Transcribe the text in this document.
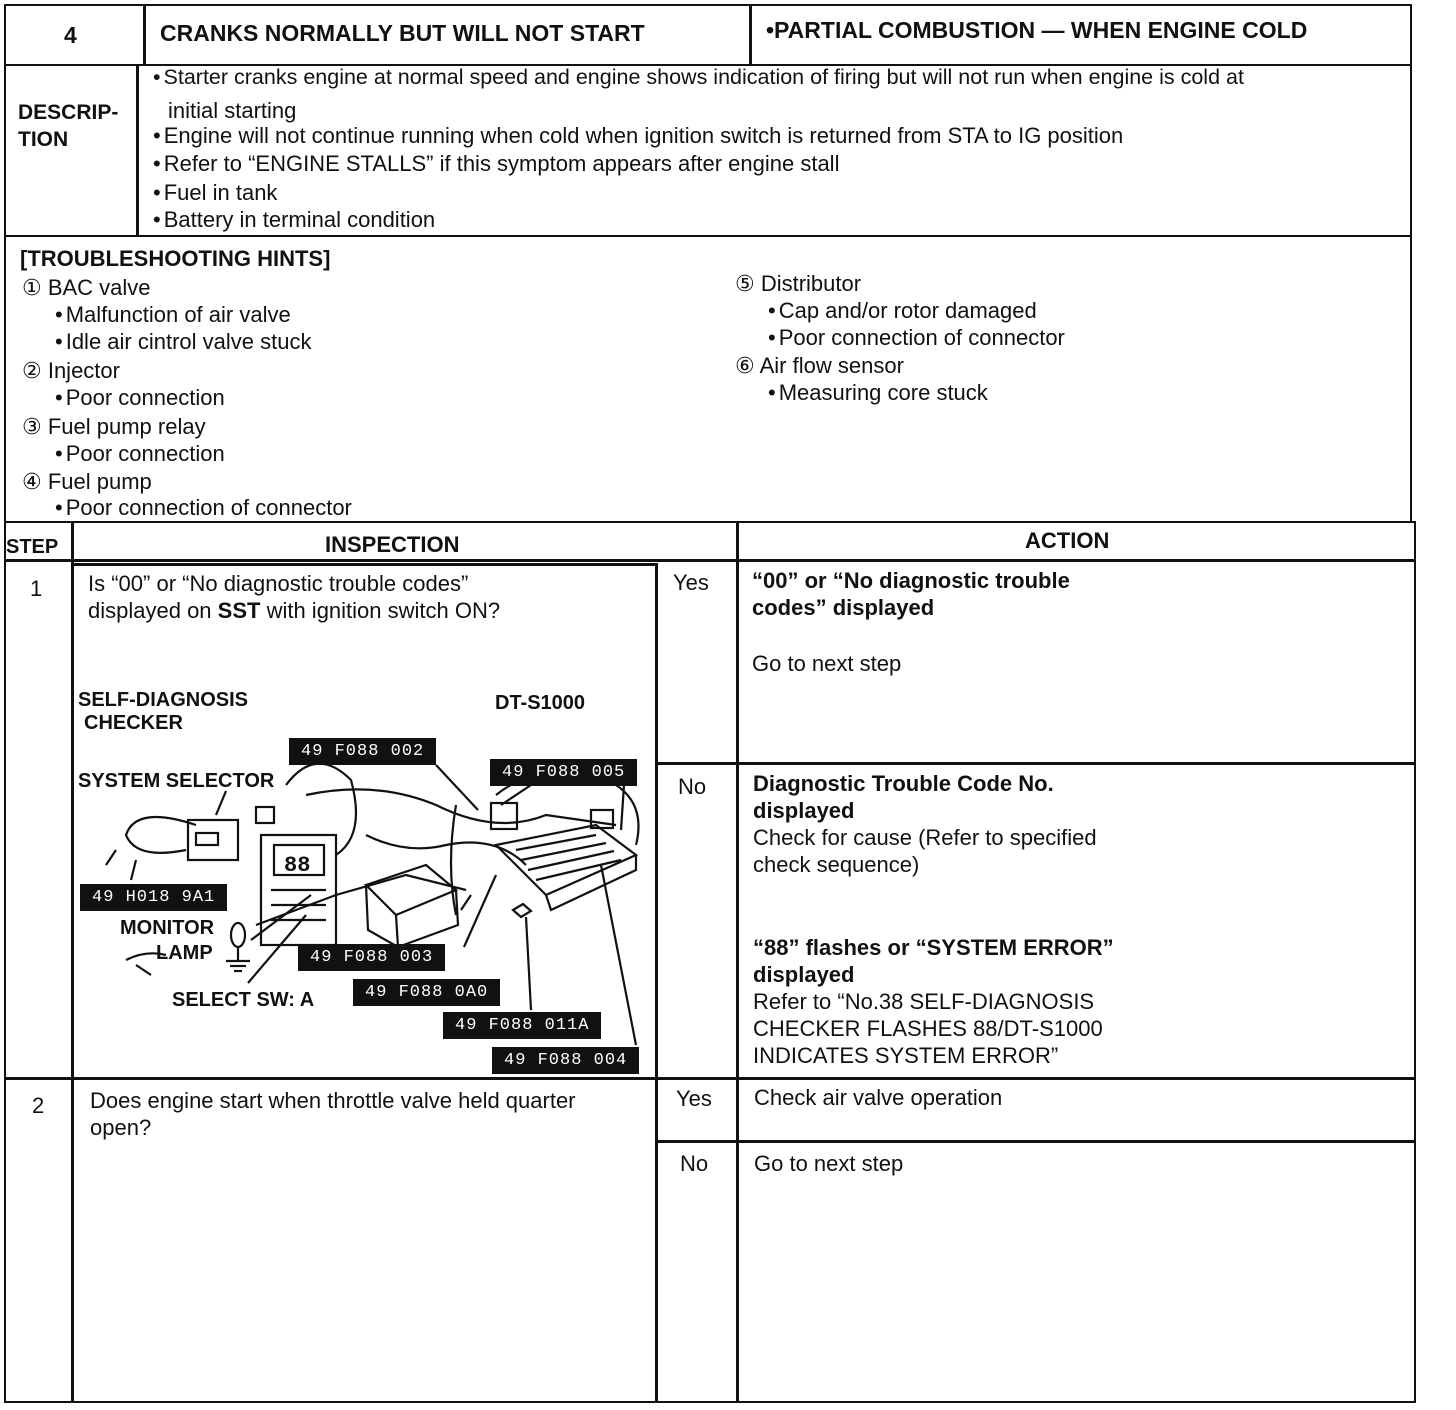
4	CRANKS NORMALLY BUT WILL NOT START	•PARTIAL COMBUSTION — WHEN ENGINE COLD
DESCRIP-
TION
• Starter cranks engine at normal speed and engine shows indication of firing but will not run when engine is cold at
initial starting
• Engine will not continue running when cold when ignition switch is returned from STA to IG position
• Refer to “ENGINE STALLS” if this symptom appears after engine stall
• Fuel in tank
• Battery in terminal condition
[TROUBLESHOOTING HINTS]
① BAC valve
• Malfunction of air valve
• Idle air cintrol valve stuck
② Injector
• Poor connection
③ Fuel pump relay
• Poor connection
④ Fuel pump
• Poor connection of connector
⑤ Distributor
• Cap and/or rotor damaged
• Poor connection of connector
⑥ Air flow sensor
• Measuring core stuck
STEP	INSPECTION	ACTION
1 Is “00” or “No diagnostic trouble codes”
displayed on SST with ignition switch ON?
Yes “00” or “No diagnostic trouble
codes” displayed
Go to next step
No Diagnostic Trouble Code No.
displayed
Check for cause (Refer to specified
check sequence)
“88” flashes or “SYSTEM ERROR”
displayed
Refer to “No.38 SELF-DIAGNOSIS
CHECKER FLASHES 88/DT-S1000
INDICATES SYSTEM ERROR”
88
SELF-DIAGNOSIS
CHECKER
DT-S1000
SYSTEM SELECTOR
MONITOR
LAMP
SELECT SW: A
49 F088 002
49 F088 005
49 H018 9A1
49 F088 003
49 F088 0A0
49 F088 011A
49 F088 004
2 Does engine start when throttle valve held quarter
open?
Yes Check air valve operation
No Go to next step
